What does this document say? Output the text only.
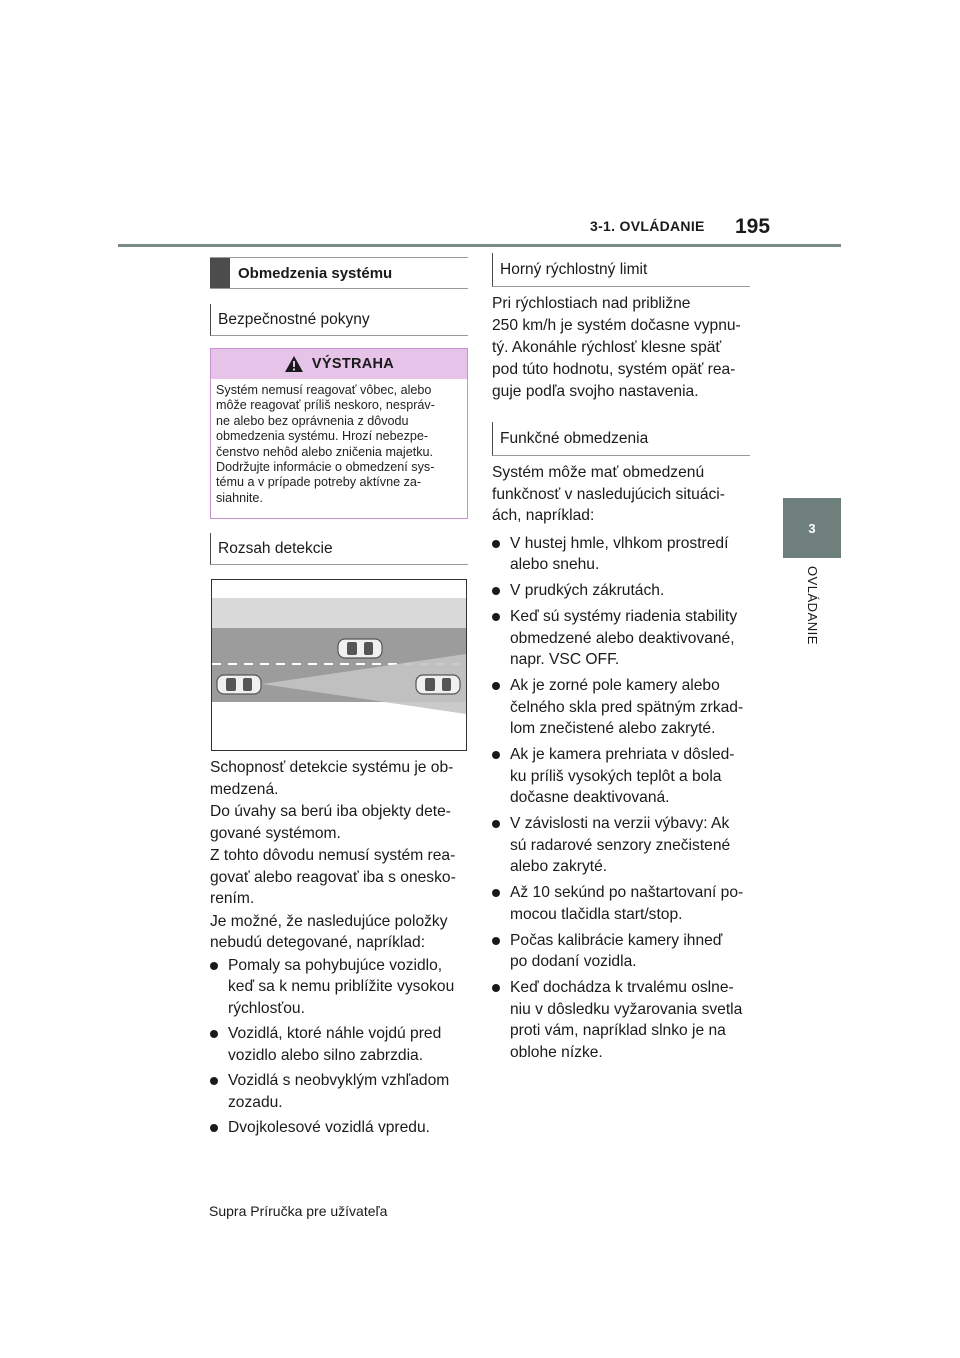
3-1. OVLÁDANIE 195
3
OVLÁDANIE
Obmedzenia systému
Bezpečnostné pokyny
VÝSTRAHA
Systém nemusí reagovať vôbec, alebo
môže reagovať príliš neskoro, nespráv-
ne alebo bez oprávnenia z dôvodu
obmedzenia systému. Hrozí nebezpe-
čenstvo nehôd alebo zničenia majetku.
Dodržujte informácie o obmedzení sys-
tému a v prípade potreby aktívne za-
siahnite.
Rozsah detekcie

Schopnosť detekcie systému je ob-
medzená.

Do úvahy sa berú iba objekty dete-
gované systémom.

Z tohto dôvodu nemusí systém rea-
govať alebo reagovať iba s onesko-
rením.

Je možné, že nasledujúce položky
nebudú detegované, napríklad:

Pomaly sa pohybujúce vozidlo,
keď sa k nemu priblížite vysokou
rýchlosťou.
Vozidlá, ktoré náhle vojdú pred
vozidlo alebo silno zabrzdia.
Vozidlá s neobvyklým vzhľadom
zozadu.
Dvojkolesové vozidlá vpredu.
Horný rýchlostný limit
Pri rýchlostiach nad približne
250 km/h je systém dočasne vypnu-
tý. Akonáhle rýchlosť klesne späť
pod túto hodnotu, systém opäť rea-
guje podľa svojho nastavenia.
Funkčné obmedzenia

Systém môže mať obmedzenú
funkčnosť v nasledujúcich situáci-
ách, napríklad:

V hustej hmle, vlhkom prostredí
alebo snehu.
V prudkých zákrutách.
Keď sú systémy riadenia stability
obmedzené alebo deaktivované,
napr. VSC OFF.
Ak je zorné pole kamery alebo
čelného skla pred spätným zrkad-
lom znečistené alebo zakryté.
Ak je kamera prehriata v dôsled-
ku príliš vysokých teplôt a bola
dočasne deaktivovaná.
V závislosti na verzii výbavy: Ak
sú radarové senzory znečistené
alebo zakryté.
Až 10 sekúnd po naštartovaní po-
mocou tlačidla start/stop.
Počas kalibrácie kamery ihneď
po dodaní vozidla.
Keď dochádza k trvalému oslne-
niu v dôsledku vyžarovania svetla
proti vám, napríklad slnko je na
oblohe nízke.
Supra Príručka pre užívateľa
